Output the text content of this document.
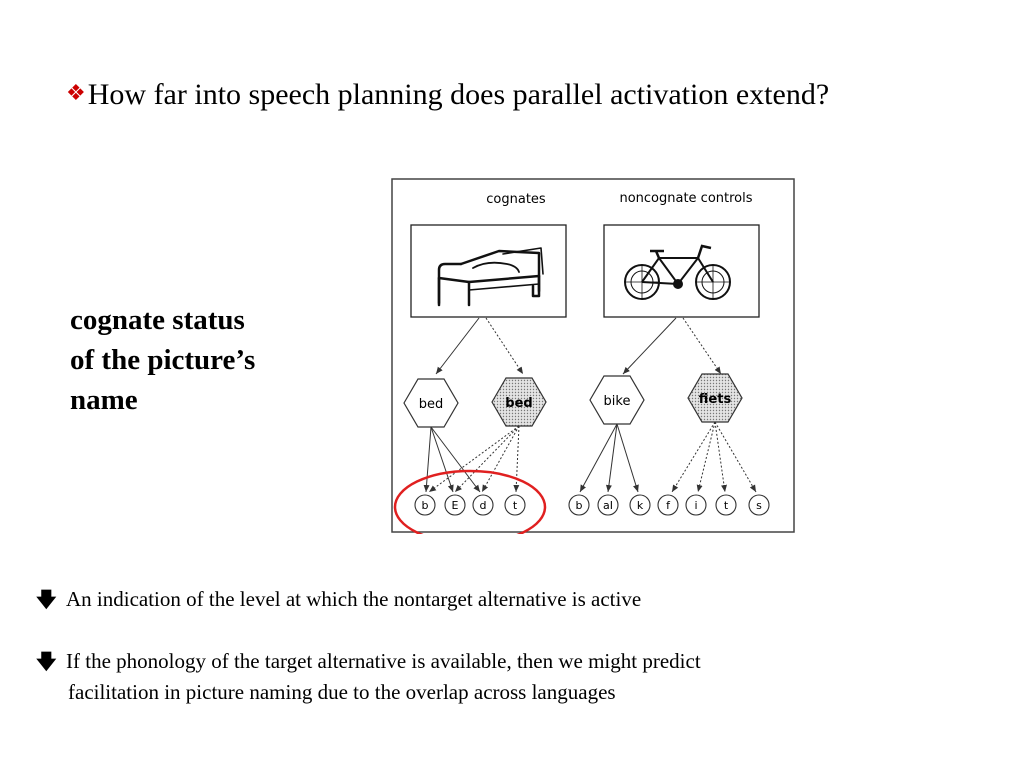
❖How far into speech planning does parallel activation extend?
cognate status
of the picture’s
name
cognates	noncognate controls
bed	bed	bike	fiets
b E d t	b aI k f i t	s
🡇 An indication of the level at which the nontarget alternative is active
🡇 If the phonology of the target alternative is available, then we might predict
facilitation in picture naming due to the overlap across languages
